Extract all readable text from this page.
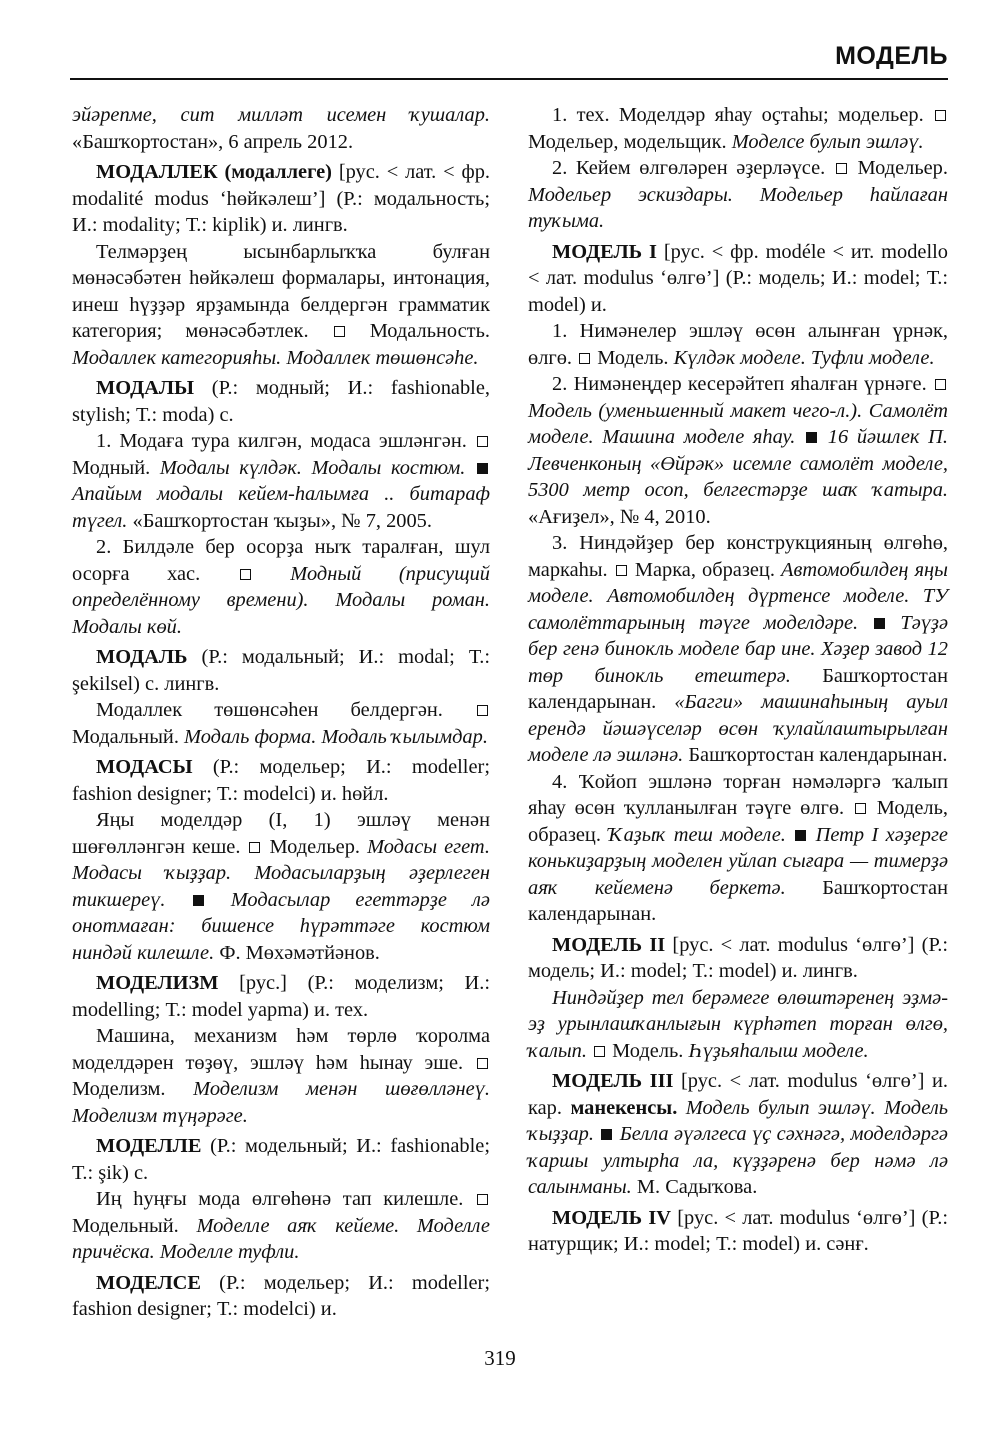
МОДЕЛЬ

эйәрепме, сит милләт исемен ҡушалар. «Башҡортостан», 6 апрель 2012.

МОДАЛЛЕК (модаллеге) [рус. < лат. < фр. modalité modus ‘һөйкәлеш’] (Р.: модальность; И.: modality; Т.: kiplik) и. лингв.

Телмәрҙең ысынбарлыҡҡа булған мөнәсәбәтен һөйкәлеш формалары, интонация, инеш һүҙҙәр ярҙамында белдергән грамматик категория; мөнәсәбәтлек.	Модальность. Модаллек категорияһы. Модаллек төшөнсәһе.

МОДАЛЫ (Р.: модный; И.: fashionable, stylish; Т.: moda) с.

1. Модаға тура килгән, модаса эшләнгән.  Модный. Модалы күлдәк. Модалы костюм.  Апайым модалы кейем-һалымға .. битараф түгел. «Башҡортостан ҡыҙы», № 7, 2005.

2. Билдәле бер осорҙа ныҡ таралған, шул осорға хас.	Модный (присущий определённому времени). Модалы роман. Модалы көй.

МОДАЛЬ (Р.: модальный; И.: modal; Т.: şekilsel) с. лингв.

Модаллек төшөнсәһен белдергән.  Модальный. Модаль форма. Модаль ҡылымдар.

МОДАСЫ (Р.: модельер; И.: modeller; fashion designer; Т.: modelci) и. һөйл.

Яңы моделдәр (I, 1) эшләү менән шөғөлләнгән кеше. Модельер. Модасы егет. Модасы ҡыҙҙар. Модасыларҙың әҙерлеген тикшереү.	Модасылар егеттәрҙе лә онотмаған: бишенсе һүрәттәге костюм ниндәй килешле. Ф. Мөхәмәтйәнов.

МОДЕЛИЗМ [рус.] (Р.: моделизм; И.: modelling; Т.: model yapma) и. тех.

Машина, механизм һәм төрлө ҡоролма моделдәрен төҙөү, эшләү һәм һынау эше.  Моделизм. Моделизм менән шөғөлләнеү. Моделизм түңәрәге.

МОДЕЛЛЕ (Р.: модельный; И.: fashionable; Т.: şik) с.

Иң һуңғы мода өлгөһөнә тап килешле.  Модельный. Моделле аяҡ кейеме. Моделле причёска. Моделле туфли.

МОДЕЛСЕ (Р.: модельер; И.: modeller; fashion designer; Т.: modelci) и.

1. тех. Моделдәр яһау оҫтаһы; модельер.  Модельер, модельщик. Моделсе булып эшләү.

2. Кейем өлгөләрен әҙерләүсе. Модельер. Модельер эскиздары. Модельер һайлаған туҡыма.

МОДЕЛЬ I [рус. < фр. modéle < ит. modello < лат. modulus ‘өлгө’] (Р.: модель; И.: model; Т.: model) и.

1. Нимәнелер эшләү өсөн алынған үрнәк, өлгө. Модель. Күлдәк моделе. Туфли моделе.

2. Нимәнеңдер кесерәйтеп яһалған үрнәге.  Модель (уменьшенный макет чего-л.). Самолёт моделе. Машина моделе яһау. 16 йәшлек П. Левченконың «Өйрәк» исемле самолёт моделе, 5300 метр осоп, белгестәрҙе шаҡ ҡатыра. «Ағиҙел», № 4, 2010.

3. Ниндәйҙер бер конструкцияның өлгөһө, маркаһы. Марка, образец. Автомобилдең яңы моделе. Автомобилдең дүртенсе моделе. ТУ самолёттарының тәүге моделдәре. Тәүҙә бер генә бинокль моделе бар ине. Хәҙер завод 12 төр бинокль етештерә. Башҡортостан календарынан. «Багги» машинаһының ауыл ерендә йәшәүселәр өсөн ҡулайлаштырылған моделе лә эшләнә. Башҡортостан календарынан.

4. Ҡойоп эшләнә торған нәмәләргә ҡалып яһау өсөн ҡулланылған тәүге өлгө. Модель, образец. Ҡаҙыҡ теш моделе. Петр I хәҙерге конькиҙарҙың моделен уйлап сығара — тимерҙә аяҡ кейеменә беркетә. Башҡортостан календарынан.

МОДЕЛЬ II [рус. < лат. modulus ‘өлгө’] (Р.: модель; И.: model; Т.: model) и. лингв.

Ниндәйҙер тел берәмеге өлөштәренең эҙмә-эҙ урынлашҡанлығын күрһәтеп торған өлгө, ҡалып. Модель. Һүҙьяһалыш моделе.

МОДЕЛЬ III [рус. < лат. modulus ‘өлгө’] и. кар. манекенсы. Модель булып эшләү. Модель ҡыҙҙар. Белла әүәлгеса үҫ сәхнәгә, моделдәргә ҡаршы ултырһа ла, күҙҙәренә бер нәмә лә салынманы. М. Садыҡова.

МОДЕЛЬ IV [рус. < лат. modulus ‘өлгө’] (Р.: натурщик; И.: model; Т.: model) и. сәнғ.

319
